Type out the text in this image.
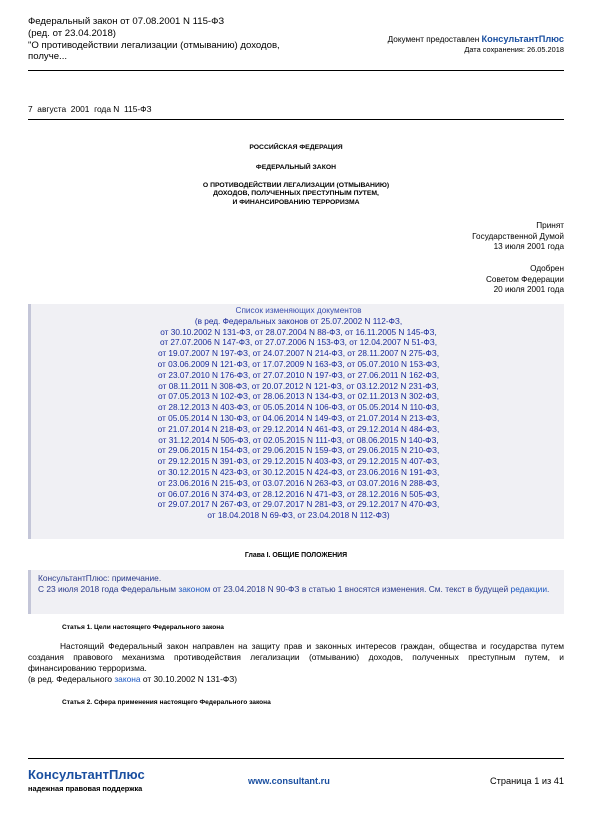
Федеральный закон от 07.08.2001 N 115-ФЗ
(ред. от 23.04.2018)
"О противодействии легализации (отмыванию) доходов,
получе...
Документ предоставлен КонсультантПлюс
Дата сохранения: 26.05.2018
7  августа  2001  года N  115-ФЗ
РОССИЙСКАЯ ФЕДЕРАЦИЯ
ФЕДЕРАЛЬНЫЙ ЗАКОН
О ПРОТИВОДЕЙСТВИИ ЛЕГАЛИЗАЦИИ (ОТМЫВАНИЮ)
ДОХОДОВ, ПОЛУЧЕННЫХ ПРЕСТУПНЫМ ПУТЕМ,
И ФИНАНСИРОВАНИЮ ТЕРРОРИЗМА
Принят
Государственной Думой
13 июля 2001 года
Одобрен
Советом Федерации
20 июля 2001 года
Список изменяющих документов
(в ред. Федеральных законов от 25.07.2002 N 112-ФЗ,
от 30.10.2002 N 131-ФЗ, от 28.07.2004 N 88-ФЗ, от 16.11.2005 N 145-ФЗ,
от 27.07.2006 N 147-ФЗ, от 27.07.2006 N 153-ФЗ, от 12.04.2007 N 51-ФЗ,
от 19.07.2007 N 197-ФЗ, от 24.07.2007 N 214-ФЗ, от 28.11.2007 N 275-ФЗ,
от 03.06.2009 N 121-ФЗ, от 17.07.2009 N 163-ФЗ, от 05.07.2010 N 153-ФЗ,
от 23.07.2010 N 176-ФЗ, от 27.07.2010 N 197-ФЗ, от 27.06.2011 N 162-ФЗ,
от 08.11.2011 N 308-ФЗ, от 20.07.2012 N 121-ФЗ, от 03.12.2012 N 231-ФЗ,
от 07.05.2013 N 102-ФЗ, от 28.06.2013 N 134-ФЗ, от 02.11.2013 N 302-ФЗ,
от 28.12.2013 N 403-ФЗ, от 05.05.2014 N 106-ФЗ, от 05.05.2014 N 110-ФЗ,
от 05.05.2014 N 130-ФЗ, от 04.06.2014 N 149-ФЗ, от 21.07.2014 N 213-ФЗ,
от 21.07.2014 N 218-ФЗ, от 29.12.2014 N 461-ФЗ, от 29.12.2014 N 484-ФЗ,
от 31.12.2014 N 505-ФЗ, от 02.05.2015 N 111-ФЗ, от 08.06.2015 N 140-ФЗ,
от 29.06.2015 N 154-ФЗ, от 29.06.2015 N 159-ФЗ, от 29.06.2015 N 210-ФЗ,
от 29.12.2015 N 391-ФЗ, от 29.12.2015 N 403-ФЗ, от 29.12.2015 N 407-ФЗ,
от 30.12.2015 N 423-ФЗ, от 30.12.2015 N 424-ФЗ, от 23.06.2016 N 191-ФЗ,
от 23.06.2016 N 215-ФЗ, от 03.07.2016 N 263-ФЗ, от 03.07.2016 N 288-ФЗ,
от 06.07.2016 N 374-ФЗ, от 28.12.2016 N 471-ФЗ, от 28.12.2016 N 505-ФЗ,
от 29.07.2017 N 267-ФЗ, от 29.07.2017 N 281-ФЗ, от 29.12.2017 N 470-ФЗ,
от 18.04.2018 N 69-ФЗ, от 23.04.2018 N 112-ФЗ)
Глава I. ОБЩИЕ ПОЛОЖЕНИЯ
КонсультантПлюс: примечание.
С 23 июля 2018 года Федеральным законом от 23.04.2018 N 90-ФЗ в статью 1 вносятся изменения. См. текст в будущей редакции.
Статья 1. Цели настоящего Федерального закона
Настоящий Федеральный закон направлен на защиту прав и законных интересов граждан, общества и государства путем создания правового механизма противодействия легализации (отмыванию) доходов, полученных преступным путем, и финансированию терроризма.
(в ред. Федерального закона от 30.10.2002 N 131-ФЗ)
Статья 2. Сфера применения настоящего Федерального закона
КонсультантПлюс
надежная правовая поддержка
www.consultant.ru	Страница 1 из 41
